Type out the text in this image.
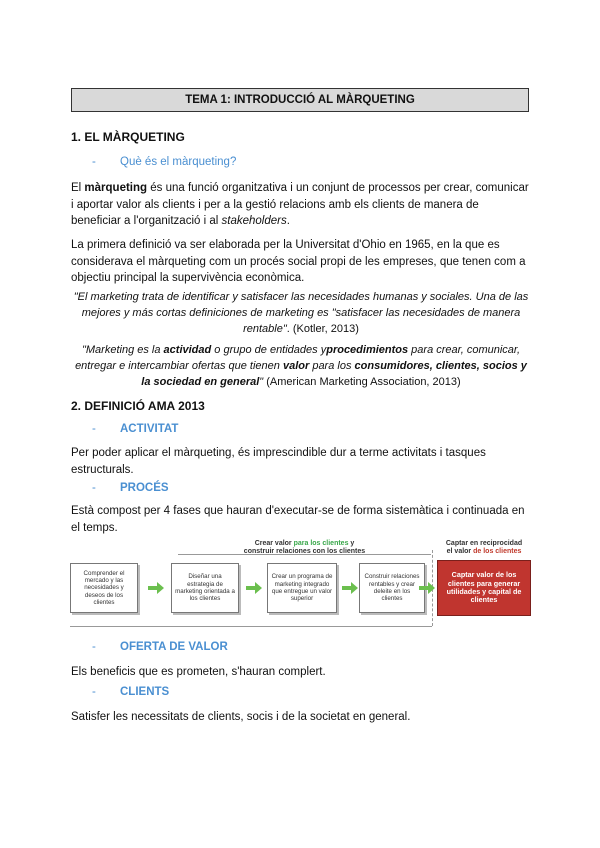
TEMA 1: INTRODUCCIÓ AL MÀRQUETING
1. EL MÀRQUETING
- Què és el màrqueting?
El màrqueting és una funció organitzativa i un conjunt de processos per crear, comunicar i aportar valor als clients i per a la gestió relacions amb els clients de manera de beneficiar a l'organització i al stakeholders.
La primera definició va ser elaborada per la Universitat d'Ohio en 1965, en la que es considerava el màrqueting com un procés social propi de les empreses, que tenen com a objectiu principal la supervivència econòmica.
"El marketing trata de identificar y satisfacer las necesidades humanas y sociales. Una de las mejores y más cortas definiciones de marketing es "satisfacer las necesidades de manera rentable". (Kotler, 2013)
"Marketing es la actividad o grupo de entidades yprocedimientos para crear, comunicar, entregar e intercambiar ofertas que tienen valor para los consumidores, clientes, socios y la sociedad en general" (American Marketing Association, 2013)
2. DEFINICIÓ AMA 2013
- ACTIVITAT
Per poder aplicar el màrqueting, és imprescindible dur a terme activitats i tasques estructurals.
- PROCÉS
Està compost per 4 fases que hauran d'executar-se de forma sistemàtica i continuada en el temps.
Crear valor para los clientes y
construir relaciones con los clientes
Captar en reciprocidad
el valor de los clientes
Comprender el mercado y las necesidades y deseos de los clientes
Diseñar una estrategia de marketing orientada a los clientes
Crear un programa de marketing integrado que entregue un valor superior
Construir relaciones rentables y crear deleite en los clientes
Captar valor de los clientes para generar utilidades y capital de clientes
- OFERTA DE VALOR
Els beneficis que es prometen, s'hauran complert.
- CLIENTS
Satisfer les necessitats de clients, socis i de la societat en general.
